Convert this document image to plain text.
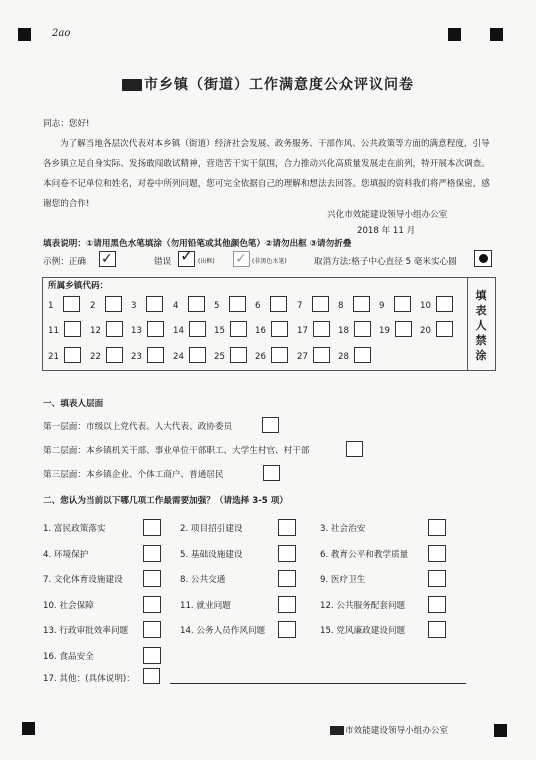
2ao
市乡镇（街道）工作满意度公众评议问卷
同志：您好!
为了解当地各层次代表对本乡镇（街道）经济社会发展、政务服务、干部作风、公共政策等方面的满意程度，引导各乡镇立足自身实际、发扬敢闯敢试精神，营造苦干实干氛围，合力推动兴化高质量发展走在前列，特开展本次调查。本问卷不记单位和姓名，对卷中所列问题，您可完全依据自己的理解和想法去回答。您填报的资料我们将严格保密，感谢您的合作!
兴化市效能建设领导小组办公室
2018 年 11 月
填表说明：①请用黑色水笔填涂（勿用铅笔或其他颜色笔）②请勿出框 ③请勿折叠
示例：正确 ✓	错误 ✓ (出框) ✓ (非黑色水笔)	取消方法:格子中心直径 5 毫米实心圆
填表人禁涂
所属乡镇代码：
1	2	3	4	5	6	7	8	9	10
11	12	13	14	15	16	17	18	19	20
21	22	23	24	25	26	27	28
一、填表人层面
第一层面：市级以上党代表、人大代表、政协委员
第二层面：本乡镇机关干部、事业单位干部职工、大学生村官、村干部
第三层面：本乡镇企业、个体工商户、普通居民
二、您认为当前以下哪几项工作最需要加强？（请选择 3-5 项）
1. 富民政策落实	2. 项目招引建设	3. 社会治安
4. 环境保护	5. 基础设施建设	6. 教育公平和教学质量
7. 文化体育设施建设	8. 公共交通	9. 医疗卫生
10. 社会保障	11. 就业问题	12. 公共服务配套问题
13. 行政审批效率问题	14. 公务人员作风问题	15. 党风廉政建设问题
16. 食品安全
17. 其他：(具体说明)：
市效能建设领导小组办公室
